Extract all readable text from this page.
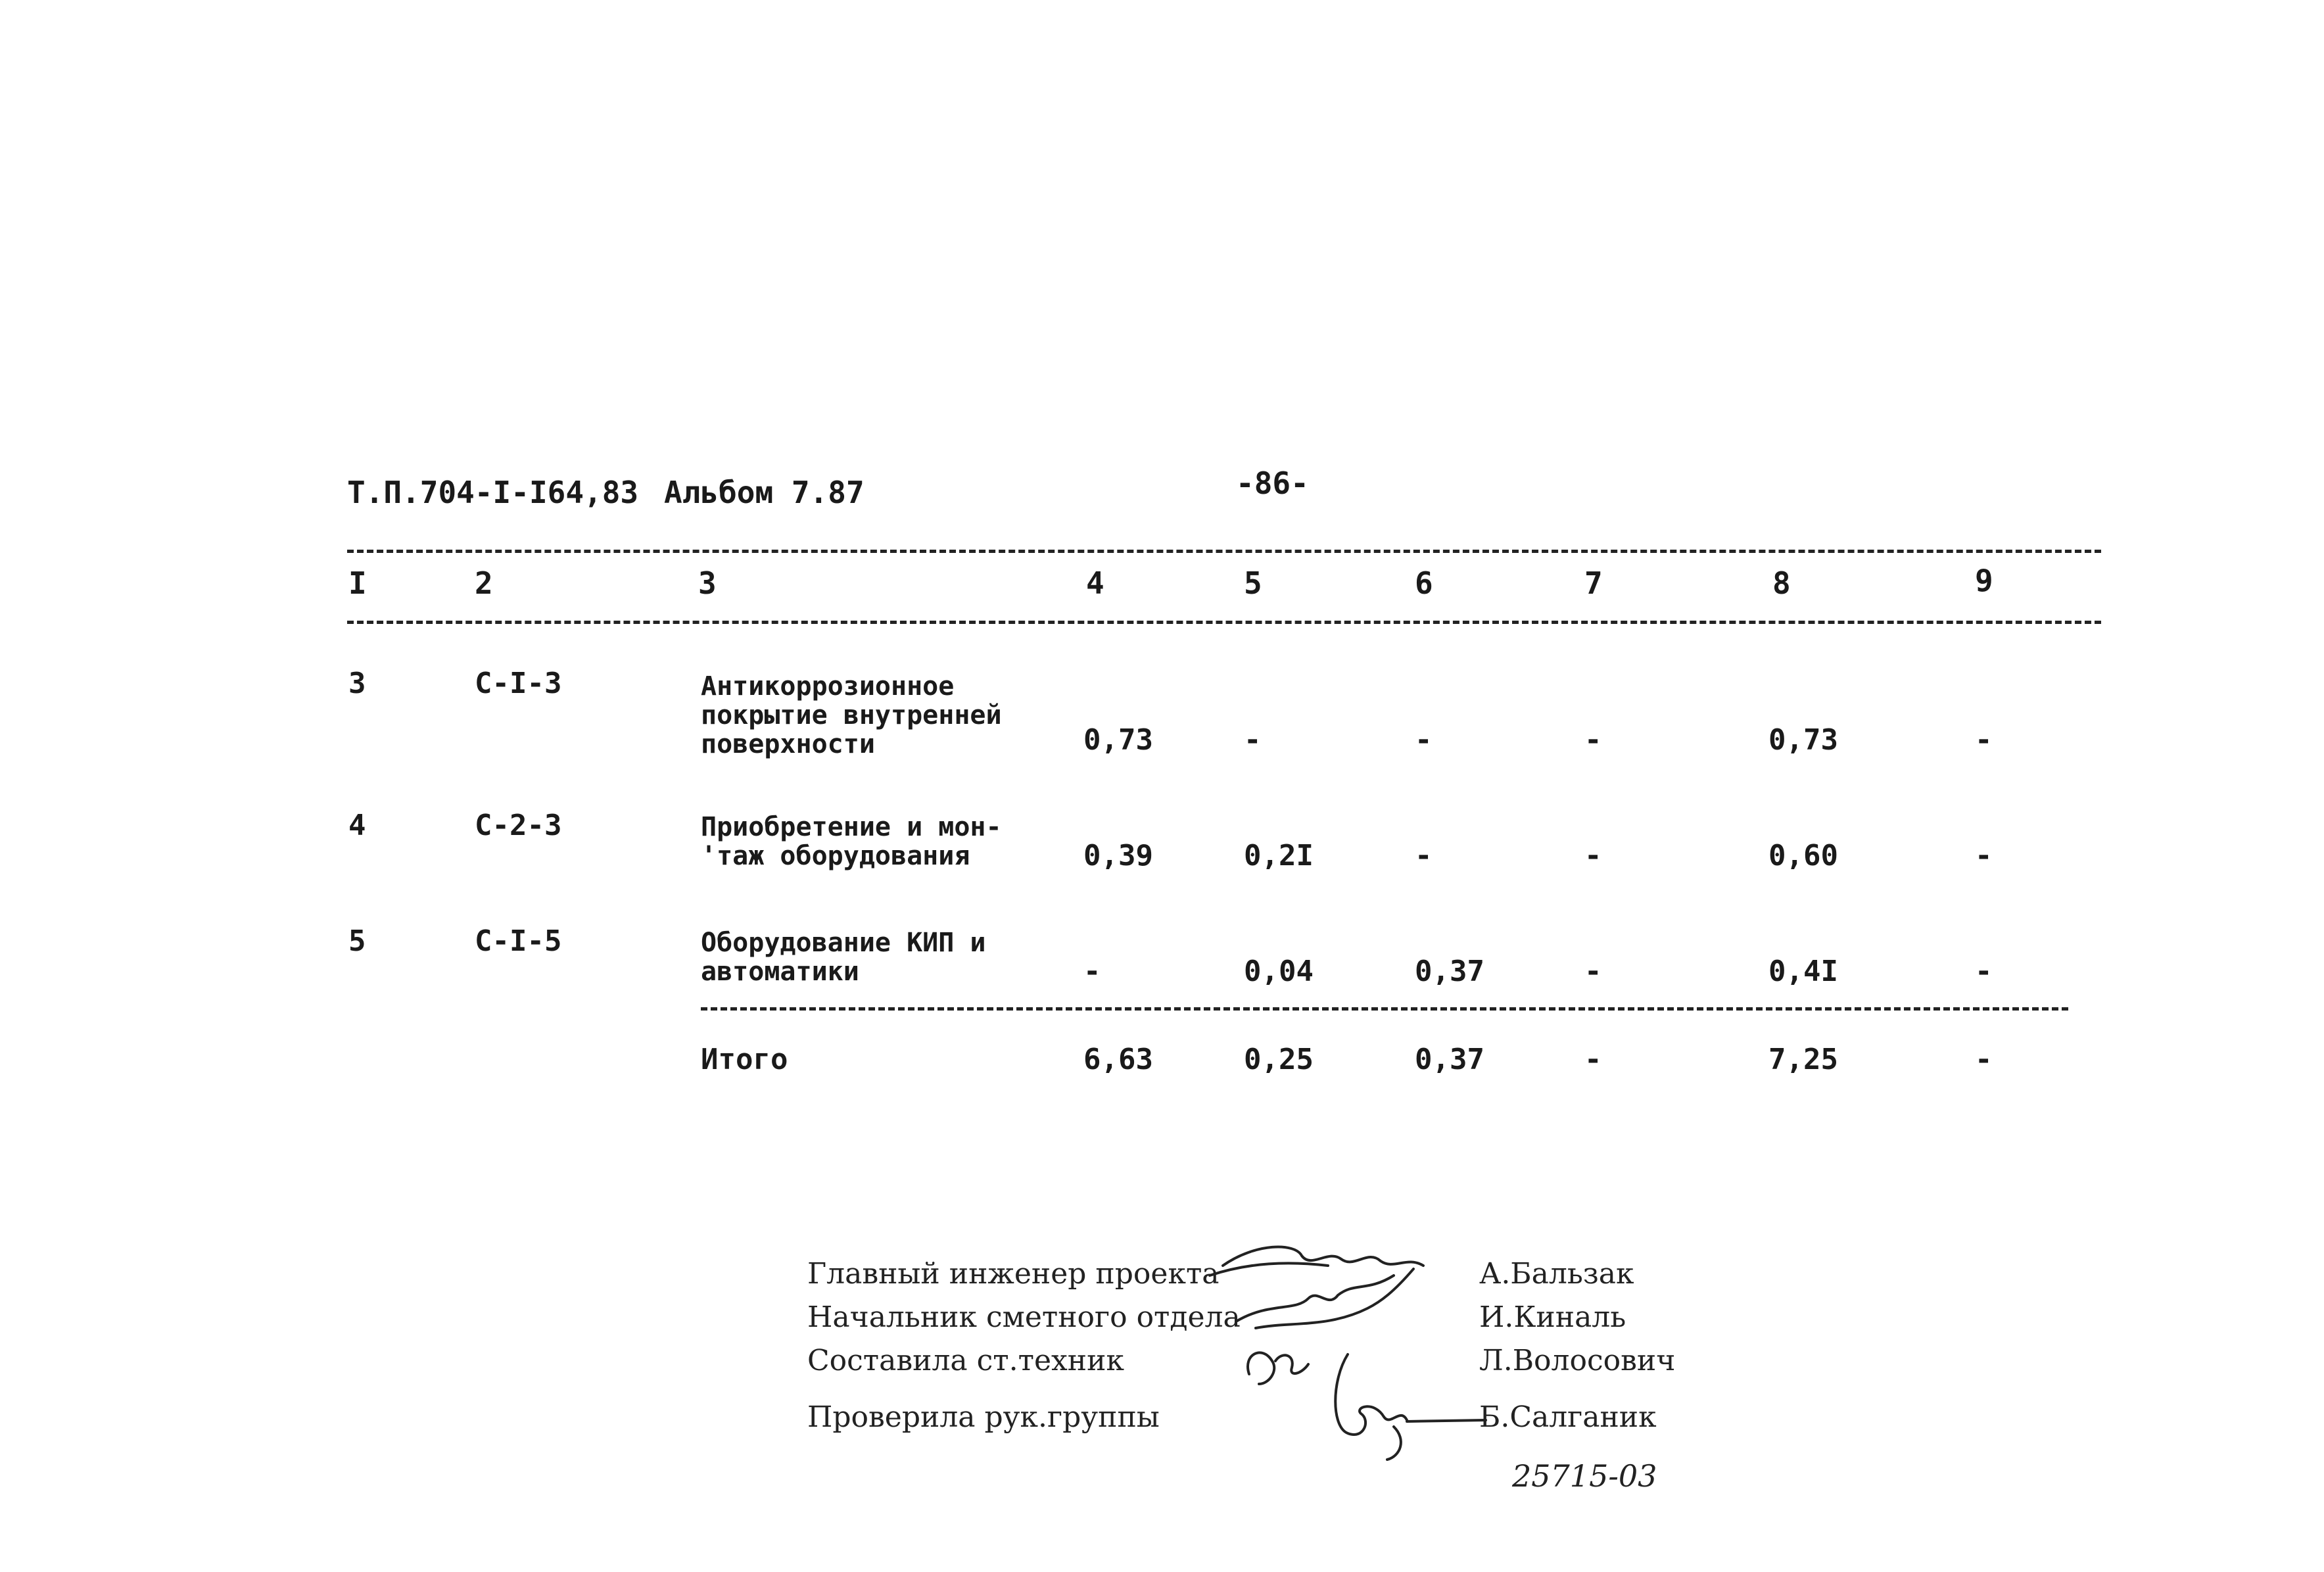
Т.П.704-I-I64,83 Альбом 7.87	-86-
I	2	3	4	5	6	7	8	9
3	С-I-3	Антикоррозионное
покрытие внутренней
поверхности	0,73	-	-	-	0,73	-
4	С-2-3	Приобретение и мон-
'таж оборудования	0,39	0,2I	-	-	0,60	-
5	С-I-5	Оборудование КИП и
автоматики	-	0,04	0,37	-	0,4I	-
Итого	6,63	0,25	0,37	-	7,25	-
Главный инженер проекта	А.Бальзак
Начальник сметного отдела	И.Киналь
Составила ст.техник	Л.Волосович
Проверила рук.группы	Б.Салганик
25715-03
